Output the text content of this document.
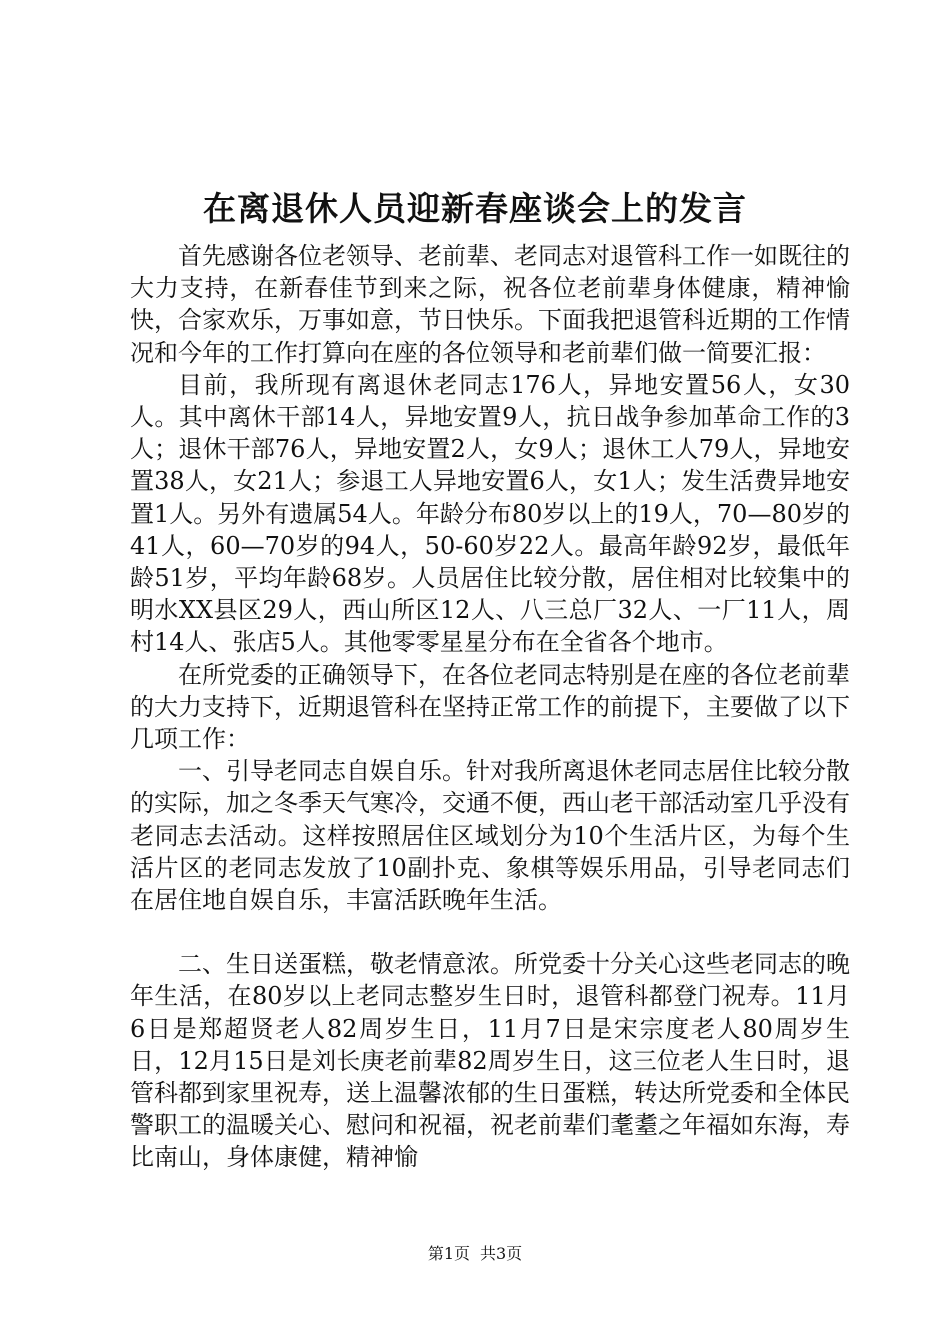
在离退休人员迎新春座谈会上的发言

首先感谢各位老领导、老前辈、老同志对退管科工作一如既往的大力支持，在新春佳节到来之际，祝各位老前辈身体健康，精神愉快，合家欢乐，万事如意，节日快乐。下面我把退管科近期的工作情况和今年的工作打算向在座的各位领导和老前辈们做一简要汇报：

目前，我所现有离退休老同志176人，异地安置56人，女30人。其中离休干部14人，异地安置9人，抗日战争参加革命工作的3人；退休干部76人，异地安置2人，女9人；退休工人79人，异地安置38人，女21人；参退工人异地安置6人，女1人；发生活费异地安置1人。另外有遗属54人。年龄分布80岁以上的19人，70—80岁的41人，60—70岁的94人，50-60岁22人。最高年龄92岁，最低年龄51岁，平均年龄68岁。人员居住比较分散，居住相对比较集中的明水XX县区29人，西山所区12人、八三总厂32人、一厂11人，周村14人、张店5人。其他零零星星分布在全省各个地市。

在所党委的正确领导下，在各位老同志特别是在座的各位老前辈的大力支持下，近期退管科在坚持正常工作的前提下，主要做了以下几项工作：

一、引导老同志自娱自乐。针对我所离退休老同志居住比较分散的实际，加之冬季天气寒冷，交通不便，西山老干部活动室几乎没有老同志去活动。这样按照居住区域划分为10个生活片区，为每个生活片区的老同志发放了10副扑克、象棋等娱乐用品，引导老同志们在居住地自娱自乐，丰富活跃晚年生活。

二、生日送蛋糕，敬老情意浓。所党委十分关心这些老同志的晚年生活，在80岁以上老同志整岁生日时，退管科都登门祝寿。11月6日是郑超贤老人82周岁生日，11月7日是宋宗度老人80周岁生日，12月15日是刘长庚老前辈82周岁生日，这三位老人生日时，退管科都到家里祝寿，送上温馨浓郁的生日蛋糕，转达所党委和全体民警职工的温暖关心、慰问和祝福，祝老前辈们耄耋之年福如东海，寿比南山，身体康健，精神愉

第1页 共3页
